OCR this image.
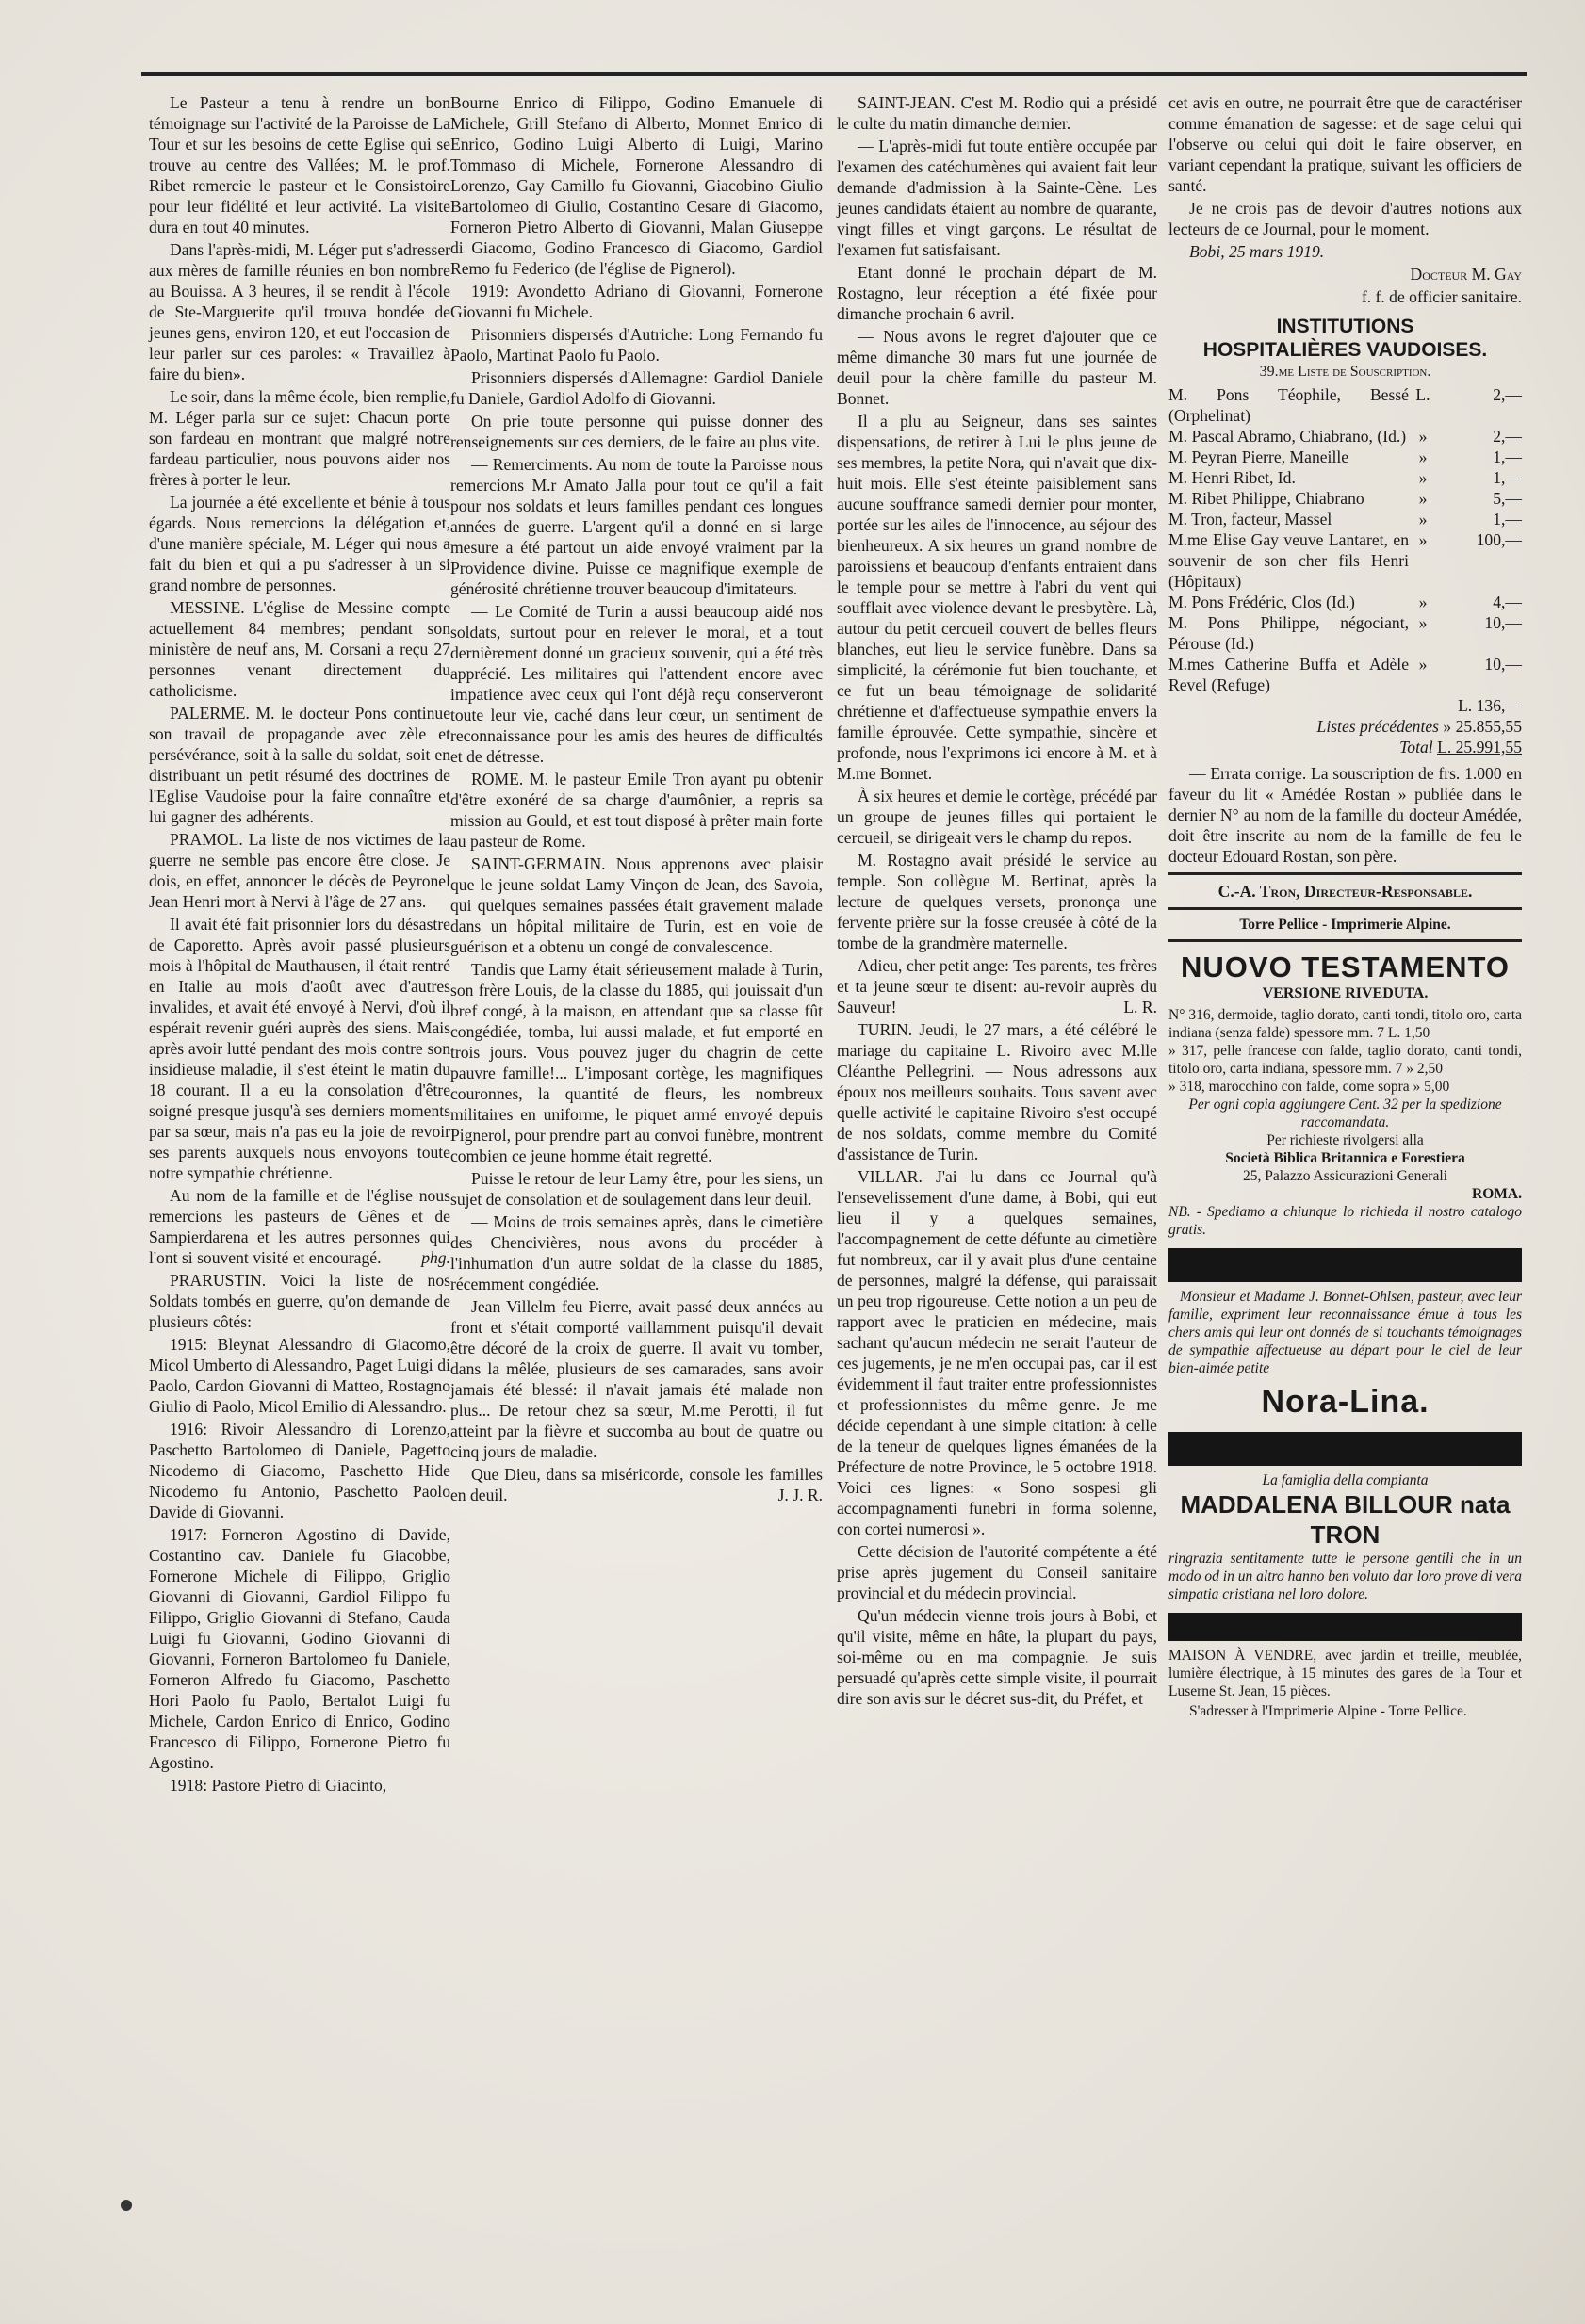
Le Pasteur a tenu à rendre un bon témoignage sur l'activité de la Paroisse de La Tour et sur les besoins de cette Eglise qui se trouve au centre des Vallées; M. le prof. Ribet remercie le pasteur et le Consistoire pour leur fidélité et leur activité. La visite dura en tout 40 minutes.

Dans l'après-midi, M. Léger put s'adresser aux mères de famille réunies en bon nombre au Bouissa. A 3 heures, il se rendit à l'école de Ste-Marguerite qu'il trouva bondée de jeunes gens, environ 120, et eut l'occasion de leur parler sur ces paroles: « Travaillez à faire du bien».

Le soir, dans la même école, bien remplie, M. Léger parla sur ce sujet: Chacun porte son fardeau en montrant que malgré notre fardeau particulier, nous pouvons aider nos frères à porter le leur.

La journée a été excellente et bénie à tous égards. Nous remercions la délégation et, d'une manière spéciale, M. Léger qui nous a fait du bien et qui a pu s'adresser à un si grand nombre de personnes.

MESSINE. L'église de Messine compte actuellement 84 membres; pendant son ministère de neuf ans, M. Corsani a reçu 27 personnes venant directement du catholicisme.

PALERME. M. le docteur Pons continue son travail de propagande avec zèle et persévérance, soit à la salle du soldat, soit en distribuant un petit résumé des doctrines de l'Eglise Vaudoise pour la faire connaître et lui gagner des adhérents.

PRAMOL. La liste de nos victimes de la guerre ne semble pas encore être close. Je dois, en effet, annoncer le décès de Peyronel Jean Henri mort à Nervi à l'âge de 27 ans.

Il avait été fait prisonnier lors du désastre de Caporetto. Après avoir passé plusieurs mois à l'hôpital de Mauthausen, il était rentré en Italie au mois d'août avec d'autres invalides, et avait été envoyé à Nervi, d'où il espérait revenir guéri auprès des siens. Mais après avoir lutté pendant des mois contre son insidieuse maladie, il s'est éteint le matin du 18 courant. Il a eu la consolation d'être soigné presque jusqu'à ses derniers moments par sa sœur, mais n'a pas eu la joie de revoir ses parents auxquels nous envoyons toute notre sympathie chrétienne.

Au nom de la famille et de l'église nous remercions les pasteurs de Gênes et de Sampierdarena et les autres personnes qui l'ont si souvent visité et encouragé.	phg.

PRARUSTIN. Voici la liste de nos Soldats tombés en guerre, qu'on demande de plusieurs côtés:

1915: Bleynat Alessandro di Giacomo, Micol Umberto di Alessandro, Paget Luigi di Paolo, Cardon Giovanni di Matteo, Rostagno Giulio di Paolo, Micol Emilio di Alessandro.

1916: Rivoir Alessandro di Lorenzo, Paschetto Bartolomeo di Daniele, Pagetto Nicodemo di Giacomo, Paschetto Hide Nicodemo fu Antonio, Paschetto Paolo Davide di Giovanni.

1917: Forneron Agostino di Davide, Costantino cav. Daniele fu Giacobbe, Fornerone Michele di Filippo, Griglio Giovanni di Giovanni, Gardiol Filippo fu Filippo, Griglio Giovanni di Stefano, Cauda Luigi fu Giovanni, Godino Giovanni di Giovanni, Forneron Bartolomeo fu Daniele, Forneron Alfredo fu Giacomo, Paschetto Hori Paolo fu Paolo, Bertalot Luigi fu Michele, Cardon Enrico di Enrico, Godino Francesco di Filippo, Fornerone Pietro fu Agostino.

1918: Pastore Pietro di Giacinto,

Bourne Enrico di Filippo, Godino Emanuele di Michele, Grill Stefano di Alberto, Monnet Enrico di Enrico, Godino Luigi Alberto di Luigi, Marino Tommaso di Michele, Fornerone Alessandro di Lorenzo, Gay Camillo fu Giovanni, Giacobino Giulio Bartolomeo di Giulio, Costantino Cesare di Giacomo, Forneron Pietro Alberto di Giovanni, Malan Giuseppe di Giacomo, Godino Francesco di Giacomo, Gardiol Remo fu Federico (de l'église de Pignerol).

1919: Avondetto Adriano di Giovanni, Fornerone Giovanni fu Michele.

Prisonniers dispersés d'Autriche: Long Fernando fu Paolo, Martinat Paolo fu Paolo.

Prisonniers dispersés d'Allemagne: Gardiol Daniele fu Daniele, Gardiol Adolfo di Giovanni.

On prie toute personne qui puisse donner des renseignements sur ces derniers, de le faire au plus vite.

— Remerciments. Au nom de toute la Paroisse nous remercions M.r Amato Jalla pour tout ce qu'il a fait pour nos soldats et leurs familles pendant ces longues années de guerre. L'argent qu'il a donné en si large mesure a été partout un aide envoyé vraiment par la Providence divine. Puisse ce magnifique exemple de générosité chrétienne trouver beaucoup d'imitateurs.

— Le Comité de Turin a aussi beaucoup aidé nos soldats, surtout pour en relever le moral, et a tout dernièrement donné un gracieux souvenir, qui a été très apprécié. Les militaires qui l'attendent encore avec impatience avec ceux qui l'ont déjà reçu conserveront toute leur vie, caché dans leur cœur, un sentiment de reconnaissance pour les amis des heures de difficultés et de détresse.

ROME. M. le pasteur Emile Tron ayant pu obtenir d'être exonéré de sa charge d'aumônier, a repris sa mission au Gould, et est tout disposé à prêter main forte au pasteur de Rome.

SAINT-GERMAIN. Nous apprenons avec plaisir que le jeune soldat Lamy Vinçon de Jean, des Savoia, qui quelques semaines passées était gravement malade dans un hôpital militaire de Turin, est en voie de guérison et a obtenu un congé de convalescence.

Tandis que Lamy était sérieusement malade à Turin, son frère Louis, de la classe du 1885, qui jouissait d'un bref congé, à la maison, en attendant que sa classe fût congédiée, tomba, lui aussi malade, et fut emporté en trois jours. Vous pouvez juger du chagrin de cette pauvre famille!... L'imposant cortège, les magnifiques couronnes, la quantité de fleurs, les nombreux militaires en uniforme, le piquet armé envoyé depuis Pignerol, pour prendre part au convoi funèbre, montrent combien ce jeune homme était regretté.

Puisse le retour de leur Lamy être, pour les siens, un sujet de consolation et de soulagement dans leur deuil.

— Moins de trois semaines après, dans le cimetière des Chencivières, nous avons du procéder à l'inhumation d'un autre soldat de la classe du 1885, récemment congédiée.

Jean Villelm feu Pierre, avait passé deux années au front et s'était comporté vaillamment puisqu'il devait être décoré de la croix de guerre. Il avait vu tomber, dans la mêlée, plusieurs de ses camarades, sans avoir jamais été blessé: il n'avait jamais été malade non plus... De retour chez sa sœur, M.me Perotti, il fut atteint par la fièvre et succomba au bout de quatre ou cinq jours de maladie.

Que Dieu, dans sa miséricorde, console les familles en deuil.	J. J. R.

SAINT-JEAN. C'est M. Rodio qui a présidé le culte du matin dimanche dernier.

— L'après-midi fut toute entière occupée par l'examen des catéchumènes qui avaient fait leur demande d'admission à la Sainte-Cène. Les jeunes candidats étaient au nombre de quarante, vingt filles et vingt garçons. Le résultat de l'examen fut satisfaisant.

Etant donné le prochain départ de M. Rostagno, leur réception a été fixée pour dimanche prochain 6 avril.

— Nous avons le regret d'ajouter que ce même dimanche 30 mars fut une journée de deuil pour la chère famille du pasteur M. Bonnet.

Il a plu au Seigneur, dans ses saintes dispensations, de retirer à Lui le plus jeune de ses membres, la petite Nora, qui n'avait que dix-huit mois. Elle s'est éteinte paisiblement sans aucune souffrance samedi dernier pour monter, portée sur les ailes de l'innocence, au séjour des bienheureux. A six heures un grand nombre de paroissiens et beaucoup d'enfants entraient dans le temple pour se mettre à l'abri du vent qui soufflait avec violence devant le presbytère. Là, autour du petit cercueil couvert de belles fleurs blanches, eut lieu le service funèbre. Dans sa simplicité, la cérémonie fut bien touchante, et ce fut un beau témoignage de solidarité chrétienne et d'affectueuse sympathie envers la famille éprouvée. Cette sympathie, sincère et profonde, nous l'exprimons ici encore à M. et à M.me Bonnet.

À six heures et demie le cortège, précédé par un groupe de jeunes filles qui portaient le cercueil, se dirigeait vers le champ du repos.

M. Rostagno avait présidé le service au temple. Son collègue M. Bertinat, après la lecture de quelques versets, prononça une fervente prière sur la fosse creusée à côté de la tombe de la grandmère maternelle.

Adieu, cher petit ange: Tes parents, tes frères et ta jeune sœur te disent: au-revoir auprès du Sauveur!	L. R.

TURIN. Jeudi, le 27 mars, a été célébré le mariage du capitaine L. Rivoiro avec M.lle Cléanthe Pellegrini. — Nous adressons aux époux nos meilleurs souhaits. Tous savent avec quelle activité le capitaine Rivoiro s'est occupé de nos soldats, comme membre du Comité d'assistance de Turin.

VILLAR. J'ai lu dans ce Journal qu'à l'ensevelissement d'une dame, à Bobi, qui eut lieu il y a quelques semaines, l'accompagnement de cette défunte au cimetière fut nombreux, car il y avait plus d'une centaine de personnes, malgré la défense, qui paraissait un peu trop rigoureuse. Cette notion a un peu de rapport avec le praticien en médecine, mais sachant qu'aucun médecin ne serait l'auteur de ces jugements, je ne m'en occupai pas, car il est évidemment il faut traiter entre professionnistes et professionnistes du même genre. Je me décide cependant à une simple citation: à celle de la teneur de quelques lignes émanées de la Préfecture de notre Province, le 5 octobre 1918. Voici ces lignes: « Sono sospesi gli accompagnamenti funebri in forma solenne, con cortei numerosi ».

Cette décision de l'autorité compétente a été prise après jugement du Conseil sanitaire provincial et du médecin provincial.

Qu'un médecin vienne trois jours à Bobi, et qu'il visite, même en hâte, la plupart du pays, soi-même ou en ma compagnie. Je suis persuadé qu'après cette simple visite, il pourrait dire son avis sur le décret sus-dit, du Préfet, et

cet avis en outre, ne pourrait être que de caractériser comme émanation de sagesse: et de sage celui qui l'observe ou celui qui doit le faire observer, en variant cependant la pratique, suivant les officiers de santé.

Je ne crois pas de devoir d'autres notions aux lecteurs de ce Journal, pour le moment.

Bobi, 25 mars 1919.

Docteur M. Gay

f. f. de officier sanitaire.

INSTITUTIONS
HOSPITALIÈRES VAUDOISES.
39.me Liste de Souscription.
M. Pons Téophile, Bessé (Orphelinat)	L.	2,—
M. Pascal Abramo, Chiabrano, (Id.)	»	2,—
M. Peyran Pierre, Maneille	»	1,—
M. Henri Ribet, Id.	»	1,—
M. Ribet Philippe, Chiabrano	»	5,—
M. Tron, facteur, Massel	»	1,—
M.me Elise Gay veuve Lantaret, en souvenir de son cher fils Henri (Hôpitaux)	»	100,—
M. Pons Frédéric, Clos (Id.)	»	4,—
M. Pons Philippe, négociant, Pérouse (Id.)	»	10,—
M.mes Catherine Buffa et Adèle Revel (Refuge)	»	10,—
L. 136,—
Listes précédentes » 25.855,55
Total L. 25.991,55

— Errata corrige. La souscription de frs. 1.000 en faveur du lit « Amédée Rostan » publiée dans le dernier N° au nom de la famille du docteur Amédée, doit être inscrite au nom de la famille de feu le docteur Edouard Rostan, son père.

C.-A. Tron, Directeur-Responsable.
Torre Pellice - Imprimerie Alpine.
NUOVO TESTAMENTO
VERSIONE RIVEDUTA.
N° 316, dermoide, taglio dorato, canti tondi, titolo oro, carta indiana (senza falde) spessore mm. 7 L. 1,50
» 317, pelle francese con falde, taglio dorato, canti tondi, titolo oro, carta indiana, spessore mm. 7 » 2,50
» 318, marocchino con falde, come sopra » 5,00
Per ogni copia aggiungere Cent. 32 per la spedizione raccomandata.
Per richieste rivolgersi alla
Società Biblica Britannica e Forestiera
25, Palazzo Assicurazioni Generali
ROMA.
NB. - Spediamo a chiunque lo richieda il nostro catalogo gratis.

Monsieur et Madame J. Bonnet-Ohlsen, pasteur, avec leur famille, expriment leur reconnaissance émue à tous les chers amis qui leur ont donnés de si touchants témoignages de sympathie affectueuse au départ pour le ciel de leur bien-aimée petite

Nora-Lina.
La famiglia della compianta
MADDALENA BILLOUR nata TRON

ringrazia sentitamente tutte le persone gentili che in un modo od in un altro hanno ben voluto dar loro prove di vera simpatia cristiana nel loro dolore.

MAISON À VENDRE, avec jardin et treille, meublée, lumière électrique, à 15 minutes des gares de la Tour et Luserne St. Jean, 15 pièces.

S'adresser à l'Imprimerie Alpine - Torre Pellice.
